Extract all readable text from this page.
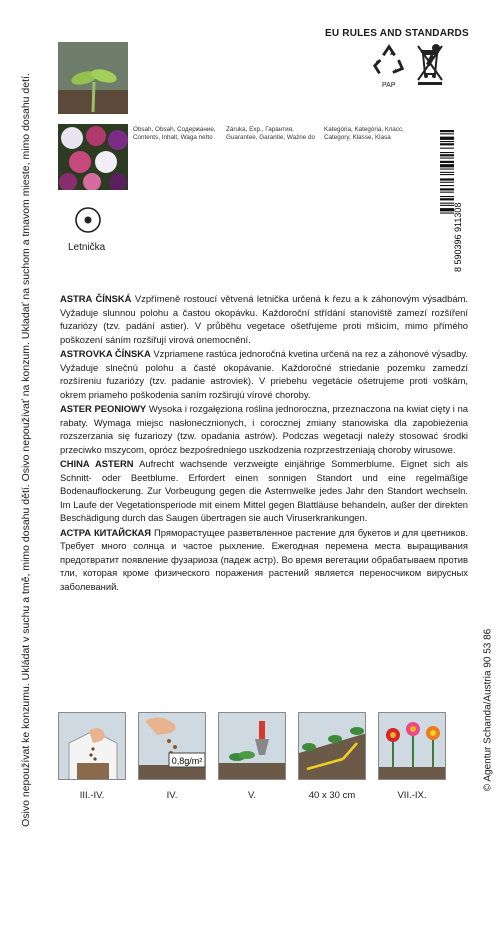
Osivo nepoužívat ke konzumu. Ukládat v suchu a tmě, mimo dosahu dětí. Osivo nepoužívať na konzum. Ukladať na suchom a tmavom mieste, mimo dosahu detí.	© Agentur Schanda/Austria 90 53 86
EU RULES AND STANDARDS
PAP
Obsah, Obsah, Содержание,
Contents, Inhalt, Waga netto
Záruka, Exp., Гарантия,
Guarantee, Garantie, Ważne do
Kategória, Kategória, Класс,
Category, Klasse, Klasa
Letnička	8 590396 911308

ASTRA ČÍNSKÁ Vzpřímeně rostoucí větvená letnička určená k řezu a k záhonovým výsadbám. Vyžaduje slunnou polohu a častou okopávku. Každoroční střídání stanoviště zamezí rozšíření fuzariózy (tzv. padání astier). V průběhu vegetace ošetřujeme proti mšicím, mimo přímého poškození sáním rozšiřují virová onemocnění.

ASTROVKA ČÍNSKA Vzpriamene rastúca jednoročná kvetina určená na rez a záhonové výsadby. Vyžaduje slnečnú polohu a časté okopávanie. Každoročné striedanie pozemku zamedzí rozšíreniu fuzariózy (tzv. padanie astroviek). V priebehu vegetácie ošetrujeme proti voškám, okrem priameho poškodenia saním rozširujú vírové choroby.

ASTER PEONIOWY Wysoka i rozgałęziona roślina jednoroczna, przeznaczona na kwiat cięty i na rabaty. Wymaga miejsc nasłonecznionych, i corocznej zmiany stanowiska dla zapobieżenia rozszerzania się fuzariozy (tzw. opadania astrów). Podczas wegetacji należy stosować środki przeciwko mszycom, oprócz bezpośredniego uszkodzenia rozprzestrzeniają choroby wirusowe.

CHINA ASTERN Aufrecht wachsende verzweigte einjährige Sommerblume. Eignet sich als Schnitt- oder Beetblume. Erfordert einen sonnigen Standort und eine regelmäßige Bodenauflockerung. Zur Vorbeugung gegen die Asternwelke jedes Jahr den Standort wechseln. Im Laufe der Vegetationsperiode mit einem Mittel gegen Blattläuse behandeln, außer der direkten Beschädigung durch das Saugen übertragen sie auch Viruserkrankungen.

АСТРА КИТАЙСКАЯ Пряморастущее разветвленное растение для букетов и для цветников. Требует много солнца и частое рыхление. Ежегодная перемена места выращивания предотвратит появление фузариоза (падеж астр). Во время вегетации обрабатываем против тли, которая кроме физического поражения растений является переносчиком вирусных заболеваний.

0,8g/m²
III.-IV.	IV.	V.	40 x 30 cm	VII.-IX.
